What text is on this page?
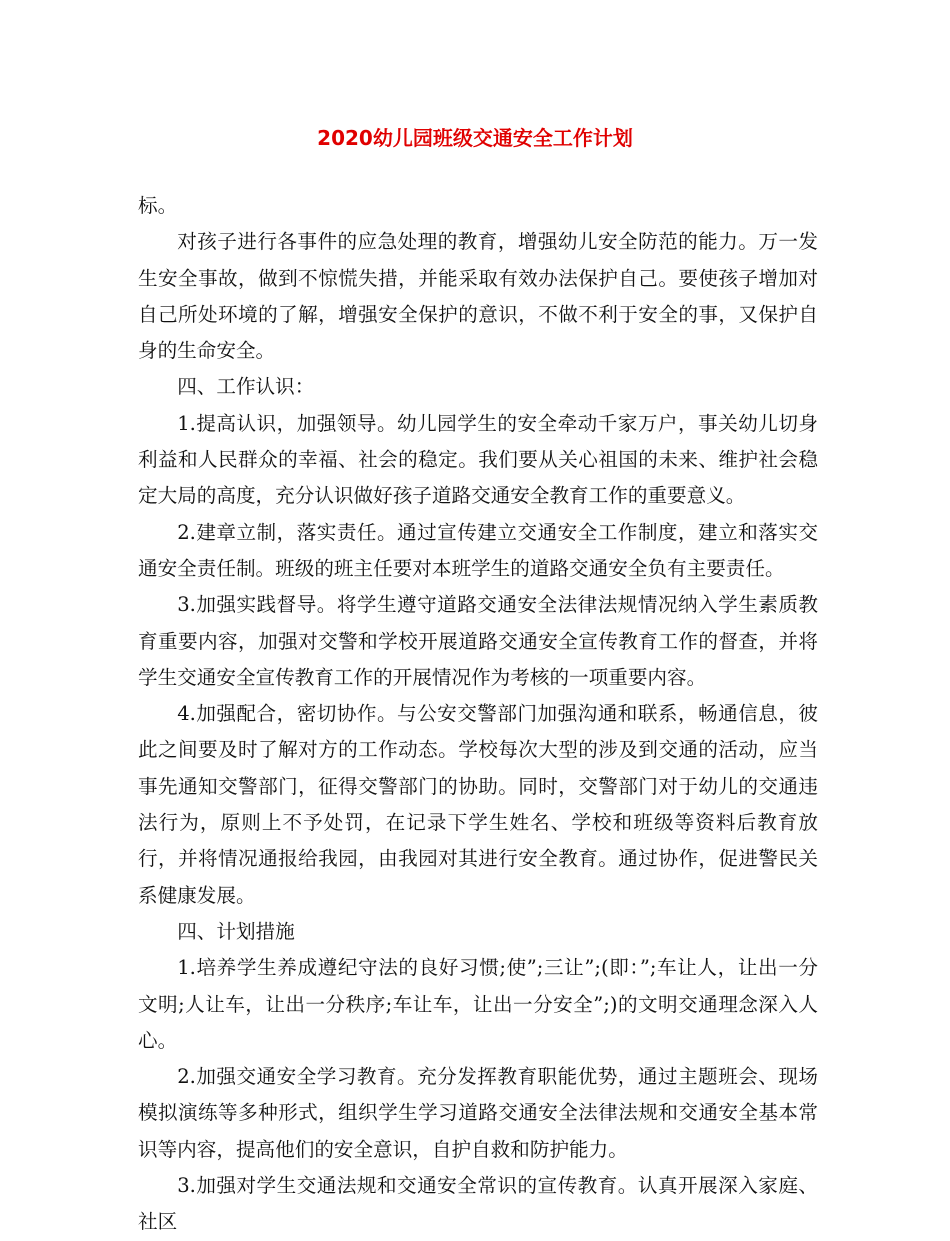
2020幼儿园班级交通安全工作计划

标。

对孩子进行各事件的应急处理的教育，增强幼儿安全防范的能力。万一发生安全事故，做到不惊慌失措，并能采取有效办法保护自己。要使孩子增加对自己所处环境的了解，增强安全保护的意识，不做不利于安全的事，又保护自身的生命安全。

四、工作认识：

1.提高认识，加强领导。幼儿园学生的安全牵动千家万户，事关幼儿切身利益和人民群众的幸福、社会的稳定。我们要从关心祖国的未来、维护社会稳定大局的高度，充分认识做好孩子道路交通安全教育工作的重要意义。

2.建章立制，落实责任。通过宣传建立交通安全工作制度，建立和落实交通安全责任制。班级的班主任要对本班学生的道路交通安全负有主要责任。

3.加强实践督导。将学生遵守道路交通安全法律法规情况纳入学生素质教育重要内容，加强对交警和学校开展道路交通安全宣传教育工作的督查，并将学生交通安全宣传教育工作的开展情况作为考核的一项重要内容。

4.加强配合，密切协作。与公安交警部门加强沟通和联系，畅通信息，彼此之间要及时了解对方的工作动态。学校每次大型的涉及到交通的活动，应当事先通知交警部门，征得交警部门的协助。同时，交警部门对于幼儿的交通违法行为，原则上不予处罚，在记录下学生姓名、学校和班级等资料后教育放行，并将情况通报给我园，由我园对其进行安全教育。通过协作，促进警民关系健康发展。

四、计划措施

1.培养学生养成遵纪守法的良好习惯;使”;三让”;(即：”;车让人，让出一分文明;人让车，让出一分秩序;车让车，让出一分安全”;)的文明交通理念深入人心。

2.加强交通安全学习教育。充分发挥教育职能优势，通过主题班会、现场模拟演练等多种形式，组织学生学习道路交通安全法律法规和交通安全基本常识等内容，提高他们的安全意识，自护自救和防护能力。

3.加强对学生交通法规和交通安全常识的宣传教育。认真开展深入家庭、社区
